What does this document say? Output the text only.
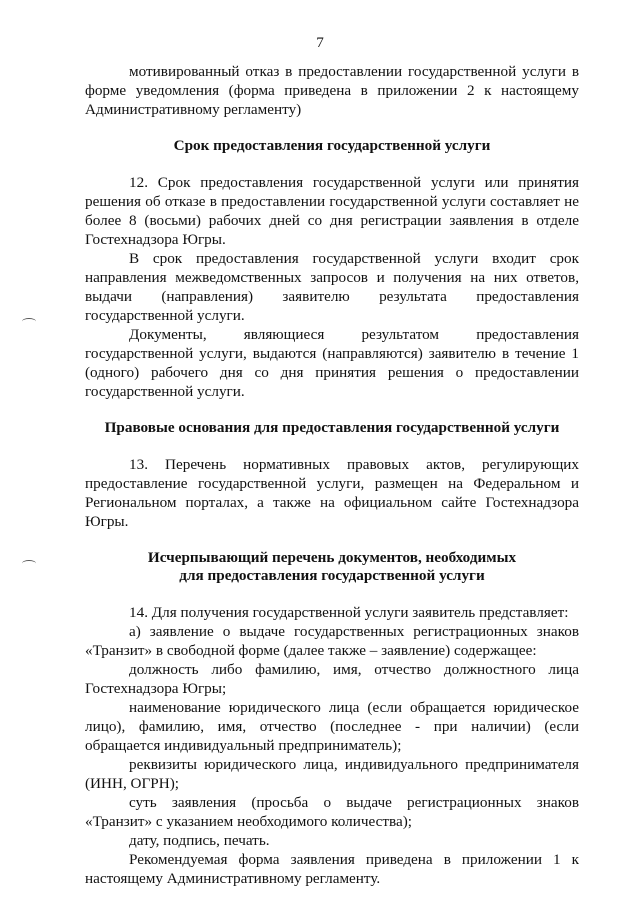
7

мотивированный отказ в предоставлении государственной услуги в форме уведомления (форма приведена в приложении 2 к настоящему Административному регламенту)

Срок предоставления государственной услуги

12. Срок предоставления государственной услуги или принятия решения об отказе в предоставлении государственной услуги составляет не более 8 (восьми) рабочих дней со дня регистрации заявления в отделе Гостехнадзора Югры.

В срок предоставления государственной услуги входит срок направления межведомственных запросов и получения на них ответов, выдачи (направления) заявителю результата предоставления государственной услуги.

Документы, являющиеся результатом предоставления государственной услуги, выдаются (направляются) заявителю в течение 1 (одного) рабочего дня со дня принятия решения о предоставлении государственной услуги.

Правовые основания для предоставления государственной услуги

13. Перечень нормативных правовых актов, регулирующих предоставление государственной услуги, размещен на Федеральном и Региональном порталах, а также на официальном сайте Гостехнадзора Югры.

Исчерпывающий перечень документов, необходимых
для предоставления государственной услуги

14. Для получения государственной услуги заявитель представляет:

а) заявление о выдаче государственных регистрационных знаков «Транзит» в свободной форме (далее также – заявление) содержащее:

должность либо фамилию, имя, отчество должностного лица Гостехнадзора Югры;

наименование юридического лица (если обращается юридическое лицо), фамилию, имя, отчество (последнее - при наличии) (если обращается индивидуальный предприниматель);

реквизиты юридического лица, индивидуального предпринимателя (ИНН, ОГРН);

суть заявления (просьба о выдаче регистрационных знаков «Транзит» с указанием необходимого количества);

дату, подпись, печать.

Рекомендуемая форма заявления приведена в приложении 1 к настоящему Административному регламенту.
